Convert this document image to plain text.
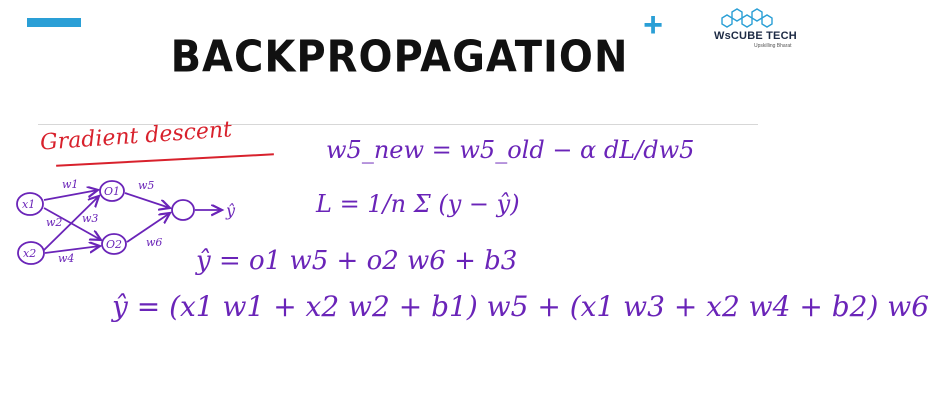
+	WsCUBE TECH
Upskilling Bharat
BACKPROPAGATION
Gradient descent	w5_new = w5_old − α dL/dw5
L = 1/n Σ (y − ŷ)
ŷ = o1 w5 + o2 w6 + b3
ŷ = (x1 w1 + x2 w2 + b1) w5 + (x1 w3 + x2 w4 + b2) w6
x1
x2
O1
O2
w1
w2 w3
w4
w5
w6
ŷ
